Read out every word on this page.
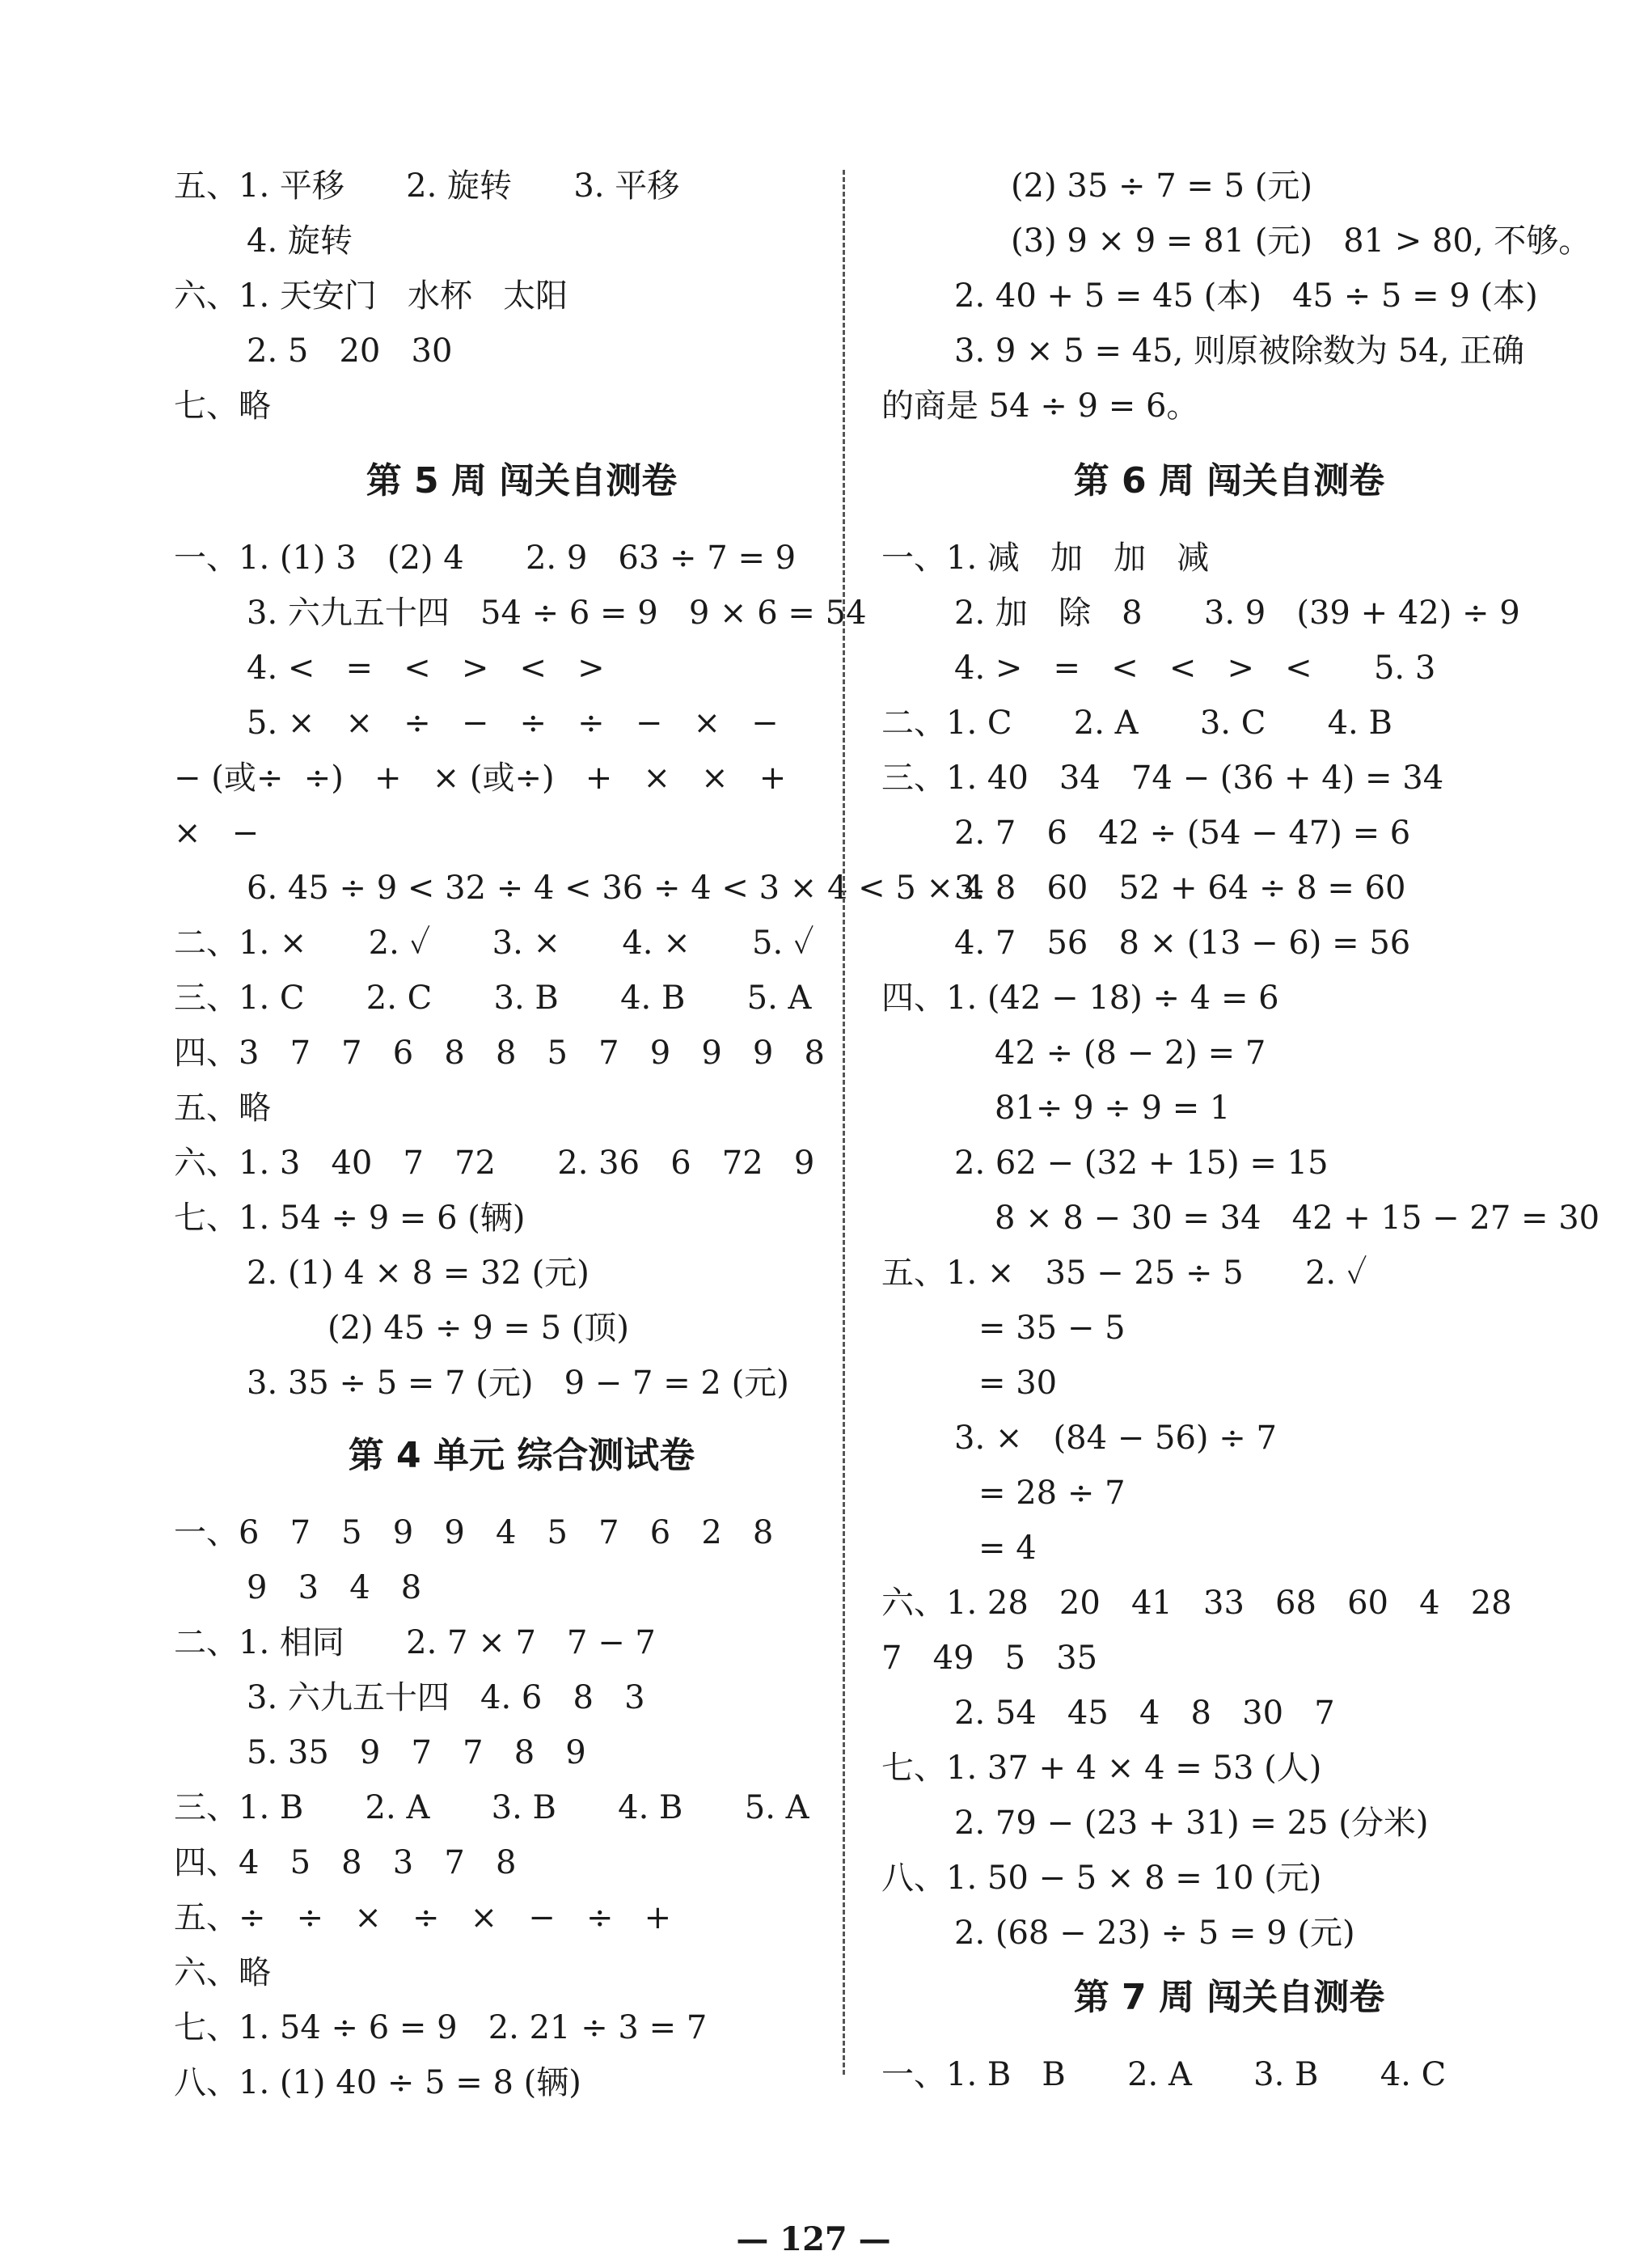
五、1. 平移      2. 旋转      3. 平移
4. 旋转
六、1. 天安门   水杯   太阳
2. 5   20   30
七、略
第 5 周 闯关自测卷
一、1. (1) 3   (2) 4      2. 9   63 ÷ 7 = 9
3. 六九五十四   54 ÷ 6 = 9   9 × 6 = 54
4. <   =   <   >   <   >
5. ×   ×   ÷   −   ÷   ÷   −   ×   −
− (或÷  ÷)   +   × (或÷)   +   ×   ×   +
×   −
6. 45 ÷ 9 < 32 ÷ 4 < 36 ÷ 4 < 3 × 4 < 5 × 4
二、1. ×      2. ✓      3. ×      4. ×      5. ✓
三、1. C      2. C      3. B      4. B      5. A
四、3   7   7   6   8   8   5   7   9   9   9   8
五、略
六、1. 3   40   7   72      2. 36   6   72   9
七、1. 54 ÷ 9 = 6 (辆)
2. (1) 4 × 8 = 32 (元)
(2) 45 ÷ 9 = 5 (顶)
3. 35 ÷ 5 = 7 (元)   9 − 7 = 2 (元)
第 4 单元 综合测试卷
一、6   7   5   9   9   4   5   7   6   2   8
9   3   4   8
二、1. 相同      2. 7 × 7   7 − 7
3. 六九五十四   4. 6   8   3
5. 35   9   7   7   8   9
三、1. B      2. A      3. B      4. B      5. A
四、4   5   8   3   7   8
五、÷   ÷   ×   ÷   ×   −   ÷   +
六、略
七、1. 54 ÷ 6 = 9   2. 21 ÷ 3 = 7
八、1. (1) 40 ÷ 5 = 8 (辆)
(2) 35 ÷ 7 = 5 (元)
(3) 9 × 9 = 81 (元)   81 > 80, 不够。
2. 40 + 5 = 45 (本)   45 ÷ 5 = 9 (本)
3. 9 × 5 = 45, 则原被除数为 54, 正确
的商是 54 ÷ 9 = 6。
第 6 周 闯关自测卷
一、1. 减   加   加   减
2. 加   除   8      3. 9   (39 + 42) ÷ 9
4. >   =   <   <   >   <      5. 3
二、1. C      2. A      3. C      4. B
三、1. 40   34   74 − (36 + 4) = 34
2. 7   6   42 ÷ (54 − 47) = 6
3. 8   60   52 + 64 ÷ 8 = 60
4. 7   56   8 × (13 − 6) = 56
四、1. (42 − 18) ÷ 4 = 6
42 ÷ (8 − 2) = 7
81÷ 9 ÷ 9 = 1
2. 62 − (32 + 15) = 15
8 × 8 − 30 = 34   42 + 15 − 27 = 30
五、1. ×   35 − 25 ÷ 5      2. ✓
= 35 − 5
= 30
3. ×   (84 − 56) ÷ 7
= 28 ÷ 7
= 4
六、1. 28   20   41   33   68   60   4   28
7   49   5   35
2. 54   45   4   8   30   7
七、1. 37 + 4 × 4 = 53 (人)
2. 79 − (23 + 31) = 25 (分米)
八、1. 50 − 5 × 8 = 10 (元)
2. (68 − 23) ÷ 5 = 9 (元)
第 7 周 闯关自测卷
一、1. B   B      2. A      3. B      4. C
— 127 —
